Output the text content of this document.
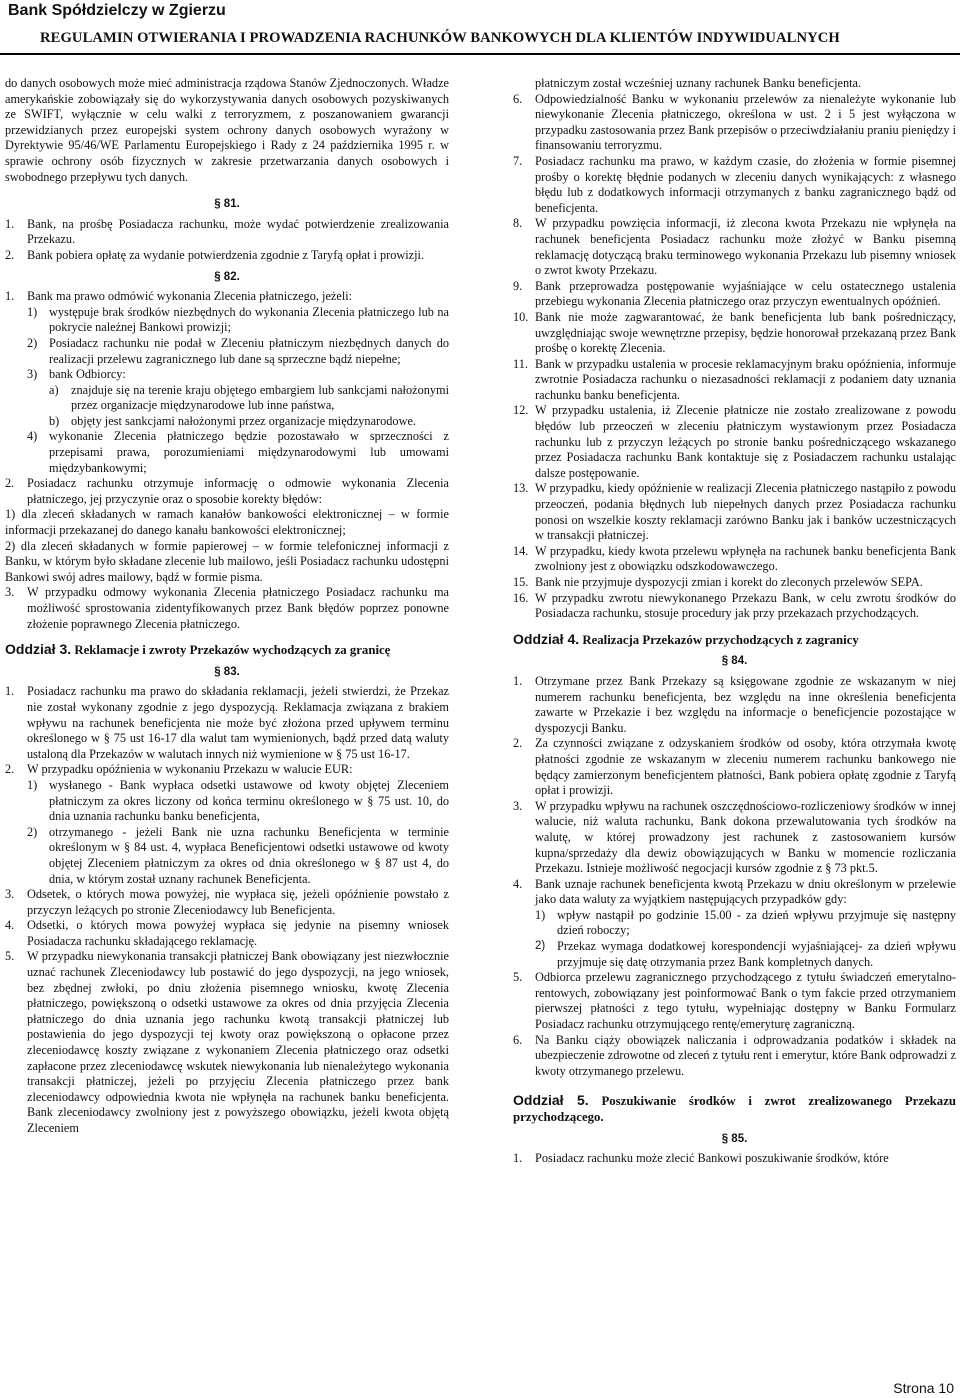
Bank Spółdzielczy w Zgierzu
REGULAMIN OTWIERANIA I PROWADZENIA RACHUNKÓW BANKOWYCH DLA KLIENTÓW INDYWIDUALNYCH

do danych osobowych może mieć administracja rządowa Stanów Zjednoczonych. Władze amerykańskie zobowiązały się do wykorzystywania danych osobowych pozyskiwanych ze SWIFT, wyłącznie w celu walki z terroryzmem, z poszanowaniem gwarancji przewidzianych przez europejski system ochrony danych osobowych wyrażony w Dyrektywie 95/46/WE Parlamentu Europejskiego i Rady z 24 października 1995 r. w sprawie ochrony osób fizycznych w zakresie przetwarzania danych osobowych i swobodnego przepływu tych danych.

§ 81.
1.	Bank, na prośbę Posiadacza rachunku, może wydać potwierdzenie zrealizowania Przekazu.
2.	Bank pobiera opłatę za wydanie potwierdzenia zgodnie z Taryfą opłat i prowizji.
§ 82.
1.	Bank ma prawo odmówić wykonania Zlecenia płatniczego, jeżeli:
1) występuje brak środków niezbędnych do wykonania Zlecenia płatniczego lub na pokrycie należnej Bankowi prowizji;
2) Posiadacz rachunku nie podał w Zleceniu płatniczym niezbędnych danych do realizacji przelewu zagranicznego lub dane są sprzeczne bądź niepełne;
3) bank Odbiorcy:
a)	znajduje się na terenie kraju objętego embargiem lub sankcjami nałożonymi przez organizacje międzynarodowe lub inne państwa,
b) objęty jest sankcjami nałożonymi przez organizacje międzynarodowe.
4) wykonanie Zlecenia płatniczego będzie pozostawało w sprzeczności z przepisami prawa, porozumieniami międzynarodowymi lub umowami międzybankowymi;
2.	Posiadacz rachunku otrzymuje informację o odmowie wykonania Zlecenia płatniczego, jej przyczynie oraz o sposobie korekty błędów:

1) dla zleceń składanych w ramach kanałów bankowości elektronicznej – w formie informacji przekazanej do danego kanału bankowości elektronicznej;

2) dla zleceń składanych w formie papierowej – w formie telefonicznej informacji z Banku, w którym było składane zlecenie lub mailowo, jeśli Posiadacz rachunku udostępni Bankowi swój adres mailowy, bądź w formie pisma.

3.	W przypadku odmowy wykonania Zlecenia płatniczego Posiadacz rachunku ma możliwość sprostowania zidentyfikowanych przez Bank błędów poprzez ponowne złożenie poprawnego Zlecenia płatniczego.
Oddział 3. Reklamacje i zwroty Przekazów wychodzących za granicę
§ 83.
1.	Posiadacz rachunku ma prawo do składania reklamacji, jeżeli stwierdzi, że Przekaz nie został wykonany zgodnie z jego dyspozycją. Reklamacja związana z brakiem wpływu na rachunek beneficjenta nie może być złożona przed upływem terminu określonego w § 75 ust 16-17 dla walut tam wymienionych, bądź przed datą waluty ustaloną dla Przekazów w walutach innych niż wymienione w § 75 ust 16-17.
2.	W przypadku opóźnienia w wykonaniu Przekazu w walucie EUR:
1) wysłanego - Bank wypłaca odsetki ustawowe od kwoty objętej Zleceniem płatniczym za okres liczony od końca terminu określonego w § 75 ust. 10, do dnia uznania rachunku banku beneficjenta,
2) otrzymanego - jeżeli Bank nie uzna rachunku Beneficjenta w terminie określonym w § 84 ust. 4, wypłaca Beneficjentowi odsetki ustawowe od kwoty objętej Zleceniem płatniczym za okres od dnia określonego w § 87 ust 4, do dnia, w którym został uznany rachunek Beneficjenta.
3.	Odsetek, o których mowa powyżej, nie wypłaca się, jeżeli opóźnienie powstało z przyczyn leżących po stronie Zleceniodawcy lub Beneficjenta.
4.	Odsetki, o których mowa powyżej wypłaca się jedynie na pisemny wniosek Posiadacza rachunku składającego reklamację.
5.	W przypadku niewykonania transakcji płatniczej Bank obowiązany jest niezwłocznie uznać rachunek Zleceniodawcy lub postawić do jego dyspozycji, na jego wniosek, bez zbędnej zwłoki, po dniu złożenia pisemnego wniosku, kwotę Zlecenia płatniczego, powiększoną o odsetki ustawowe za okres od dnia przyjęcia Zlecenia płatniczego do dnia uznania jego rachunku kwotą transakcji płatniczej lub postawienia do jego dyspozycji tej kwoty oraz powiększoną o opłacone przez zleceniodawcę koszty związane z wykonaniem Zlecenia płatniczego oraz odsetki zapłacone przez zleceniodawcę wskutek niewykonania lub nienależytego wykonania transakcji płatniczej, jeżeli po przyjęciu Zlecenia płatniczego przez bank zleceniodawcy odpowiednia kwota nie wpłynęła na rachunek banku beneficjenta. Bank zleceniodawcy zwolniony jest z powyższego obowiązku, jeżeli kwota objętą Zleceniem
płatniczym został wcześniej uznany rachunek Banku beneficjenta.
6.	Odpowiedzialność Banku w wykonaniu przelewów za nienależyte wykonanie lub niewykonanie Zlecenia płatniczego, określona w ust. 2 i 5 jest wyłączona w przypadku zastosowania przez Bank przepisów o przeciwdziałaniu praniu pieniędzy i finansowaniu terroryzmu.
7.	Posiadacz rachunku ma prawo, w każdym czasie, do złożenia w formie pisemnej prośby o korektę błędnie podanych w zleceniu danych wynikających: z własnego błędu lub z dodatkowych informacji otrzymanych z banku zagranicznego bądź od beneficjenta.
8.	W przypadku powzięcia informacji, iż zlecona kwota Przekazu nie wpłynęła na rachunek beneficjenta Posiadacz rachunku może złożyć w Banku pisemną reklamację dotyczącą braku terminowego wykonania Przekazu lub pisemny wniosek o zwrot kwoty Przekazu.
9.	Bank przeprowadza postępowanie wyjaśniające w celu ostatecznego ustalenia przebiegu wykonania Zlecenia płatniczego oraz przyczyn ewentualnych opóźnień.
10. Bank nie może zagwarantować, że bank beneficjenta lub bank pośredniczący, uwzględniając swoje wewnętrzne przepisy, będzie honorował przekazaną przez Bank prośbę o korektę Zlecenia.
11. Bank w przypadku ustalenia w procesie reklamacyjnym braku opóźnienia, informuje zwrotnie Posiadacza rachunku o niezasadności reklamacji z podaniem daty uznania rachunku banku beneficjenta.
12. W przypadku ustalenia, iż Zlecenie płatnicze nie zostało zrealizowane z powodu błędów lub przeoczeń w zleceniu płatniczym wystawionym przez Posiadacza rachunku lub z przyczyn leżących po stronie banku pośredniczącego wskazanego przez Posiadacza rachunku Bank kontaktuje się z Posiadaczem rachunku ustalając dalsze postępowanie.
13. W przypadku, kiedy opóźnienie w realizacji Zlecenia płatniczego nastąpiło z powodu przeoczeń, podania błędnych lub niepełnych danych przez Posiadacza rachunku ponosi on wszelkie koszty reklamacji zarówno Banku jak i banków uczestniczących w transakcji płatniczej.
14. W przypadku, kiedy kwota przelewu wpłynęła na rachunek banku beneficjenta Bank zwolniony jest z obowiązku odszkodowawczego.
15. Bank nie przyjmuje dyspozycji zmian i korekt do zleconych przelewów SEPA.
16. W przypadku zwrotu niewykonanego Przekazu Bank, w celu zwrotu środków do Posiadacza rachunku, stosuje procedury jak przy przekazach przychodzących.
Oddział 4. Realizacja Przekazów przychodzących z zagranicy
§ 84.
1.	Otrzymane przez Bank Przekazy są księgowane zgodnie ze wskazanym w niej numerem rachunku beneficjenta, bez względu na inne określenia beneficjenta zawarte w Przekazie i bez względu na informacje o beneficjencie pozostające w dyspozycji Banku.
2.	Za czynności związane z odzyskaniem środków od osoby, która otrzymała kwotę płatności zgodnie ze wskazanym w zleceniu numerem rachunku bankowego nie będący zamierzonym beneficjentem płatności, Bank pobiera opłatę zgodnie z Taryfą opłat i prowizji.
3.	W przypadku wpływu na rachunek oszczędnościowo-rozliczeniowy środków w innej walucie, niż waluta rachunku, Bank dokona przewalutowania tych środków na walutę, w której prowadzony jest rachunek z zastosowaniem kursów kupna/sprzedaży dla dewiz obowiązujących w Banku w momencie rozliczania Przekazu. Istnieje możliwość negocjacji kursów zgodnie z § 73 pkt.5.
4.	Bank uznaje rachunek beneficjenta kwotą Przekazu w dniu określonym w przelewie jako data waluty za wyjątkiem następujących przypadków gdy:
1) wpływ nastąpił po godzinie 15.00 - za dzień wpływu przyjmuje się następny dzień roboczy;
2) Przekaz wymaga dodatkowej korespondencji wyjaśniającej- za dzień wpływu przyjmuje się datę otrzymania przez Bank kompletnych danych.
5.	Odbiorca przelewu zagranicznego przychodzącego z tytułu świadczeń emerytalno-rentowych, zobowiązany jest poinformować Bank o tym fakcie przed otrzymaniem pierwszej płatności z tego tytułu, wypełniając dostępny w Banku Formularz Posiadacz rachunku otrzymującego rentę/emeryturę zagraniczną.
6.	Na Banku ciąży obowiązek naliczania i odprowadzania podatków i składek na ubezpieczenie zdrowotne od zleceń z tytułu rent i emerytur, które Bank odprowadzi z kwoty otrzymanego przelewu.
Oddział 5. Poszukiwanie środków i zwrot zrealizowanego Przekazu przychodzącego.
§ 85.
1.	Posiadacz rachunku może zlecić Bankowi poszukiwanie środków, które
Strona 10
